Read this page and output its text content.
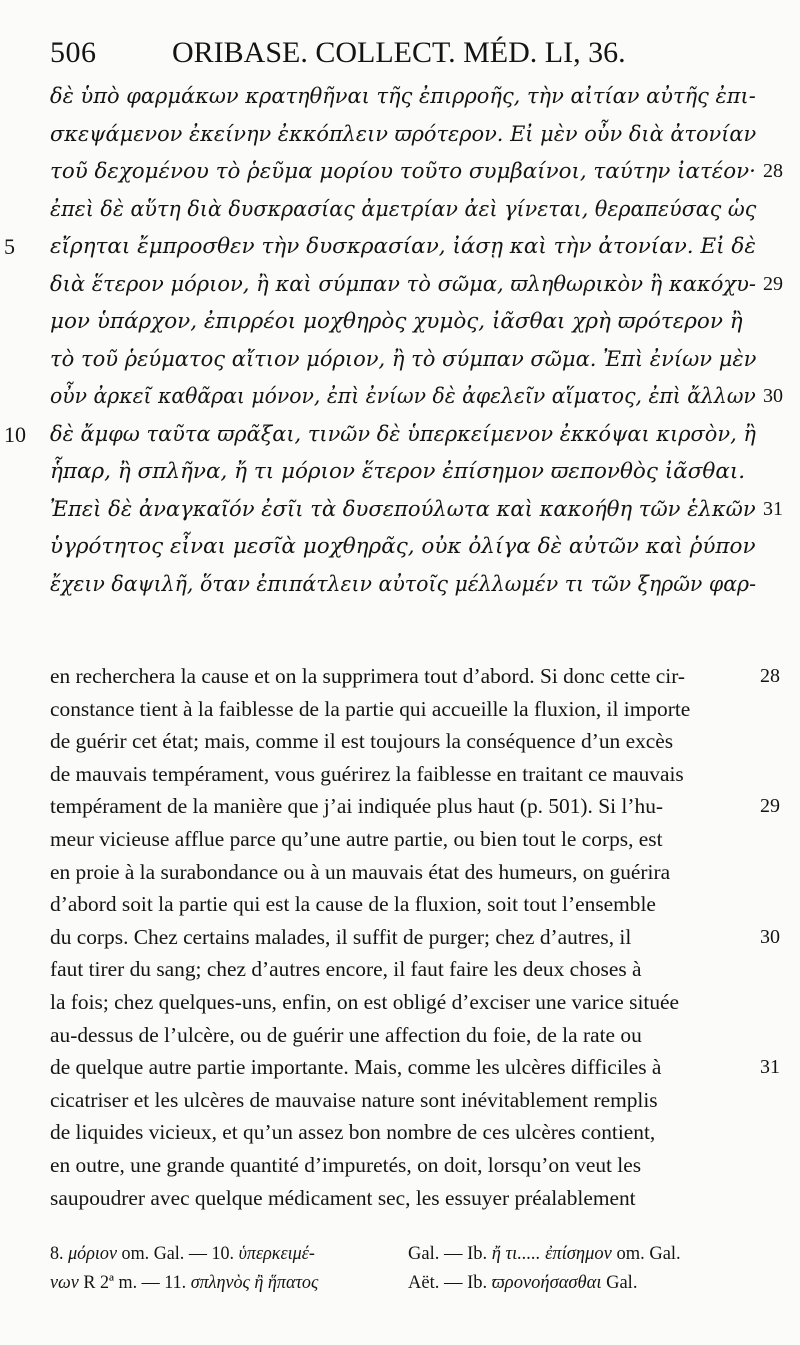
506	ORIBASE. COLLECT. MÉD. LI, 36.
δὲ ὑπὸ φαρμάκων κρατηθῆναι τῆς ἐπιρροῆς, τὴν αἰτίαν αὐτῆς ἐπι-
σκεψάμενον ἐκείνην ἐκκόπλειν ϖρότερον. Εἰ μὲν οὖν διὰ ἀτονίαν
τοῦ δεχομένου τὸ ῥεῦμα μορίου τοῦτο συμβαίνοι, ταύτην ἰατέον· 28
ἐπεὶ δὲ αὕτη διὰ δυσκρασίας ἀμετρίαν ἀεὶ γίνεται, θεραπεύσας ὡς
5 εἴρηται ἔμπροσθεν τὴν δυσκρασίαν, ἰάσῃ καὶ τὴν ἀτονίαν. Εἰ δὲ
διὰ ἕτερον μόριον, ἢ καὶ σύμπαν τὸ σῶμα, ϖληθωρικὸν ἢ κακόχυ- 29
μον ὑπάρχον, ἐπιρρέοι μοχθηρὸς χυμὸς, ἰᾶσθαι χρὴ ϖρότερον ἢ
τὸ τοῦ ῥεύματος αἴτιον μόριον, ἢ τὸ σύμπαν σῶμα. Ἐπὶ ἐνίων μὲν
οὖν ἀρκεῖ καθᾶραι μόνον, ἐπὶ ἐνίων δὲ ἀφελεῖν αἵματος, ἐπὶ ἄλλων 30
10 δὲ ἄμφω ταῦτα ϖρᾶξαι, τινῶν δὲ ὑπερκείμενον ἐκκόψαι κιρσὸν, ἢ
ἧπαρ, ἢ σπλῆνα, ἤ τι μόριον ἕτερον ἐπίσημον ϖεπονθὸς ἰᾶσθαι.
Ἐπεὶ δὲ ἀναγκαῖόν ἐσῖι τὰ δυσεπούλωτα καὶ κακοήθη τῶν ἑλκῶν 31
ὑγρότητος εἶναι μεσῖὰ μοχθηρᾶς, οὐκ ὀλίγα δὲ αὐτῶν καὶ ῥύπον
ἔχειν δαψιλῆ, ὅταν ἐπιπάτλειν αὐτοῖς μέλλωμέν τι τῶν ξηρῶν φαρ-
en recherchera la cause et on la supprimera tout d’abord. Si donc cette cir-	28
constance tient à la faiblesse de la partie qui accueille la fluxion, il importe
de guérir cet état; mais, comme il est toujours la conséquence d’un excès
de mauvais tempérament, vous guérirez la faiblesse en traitant ce mauvais
tempérament de la manière que j’ai indiquée plus haut (p. 501). Si l’hu-	29
meur vicieuse afflue parce qu’une autre partie, ou bien tout le corps, est
en proie à la surabondance ou à un mauvais état des humeurs, on guérira
d’abord soit la partie qui est la cause de la fluxion, soit tout l’ensemble
du corps. Chez certains malades, il suffit de purger; chez d’autres, il	30
faut tirer du sang; chez d’autres encore, il faut faire les deux choses à
la fois; chez quelques-uns, enfin, on est obligé d’exciser une varice située
au-dessus de l’ulcère, ou de guérir une affection du foie, de la rate ou
de quelque autre partie importante. Mais, comme les ulcères difficiles à	31
cicatriser et les ulcères de mauvaise nature sont inévitablement remplis
de liquides vicieux, et qu’un assez bon nombre de ces ulcères contient,
en outre, une grande quantité d’impuretés, on doit, lorsqu’on veut les
saupoudrer avec quelque médicament sec, les essuyer préalablement
8. μόριον om. Gal. — 10. ὑπερκειμέ-	Gal. — Ib. ἤ τι..... ἐπίσημον om. Gal.
νων R 2ª m. — 11. σπληνὸς ἢ ἥπατος	Aët. — Ib. ϖρονοήσασθαι Gal.
